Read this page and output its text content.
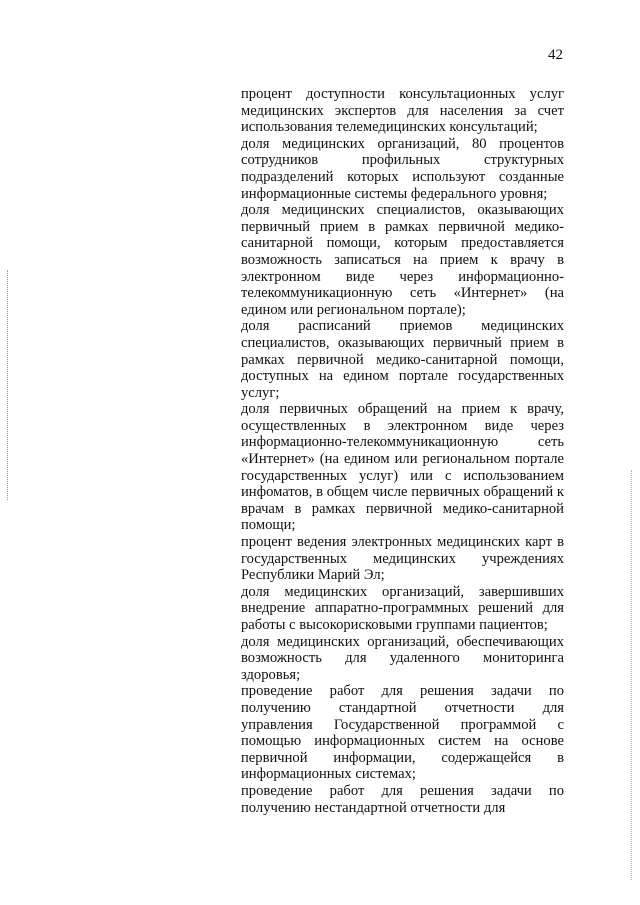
42

процент доступности консультационных услуг медицинских экспертов для населения за счет использования телемедицинских консультаций;

доля медицинских организаций, 80 процентов сотрудников профильных структурных подразделений которых используют созданные информационные системы федерального уровня;

доля медицинских специалистов, оказывающих первичный прием в рамках первичной медико-санитарной помощи, которым предоставляется возможность записаться на прием к врачу в электронном виде через информационно-телекоммуникационную сеть «Интернет» (на едином или региональном портале);

доля расписаний приемов медицинских специалистов, оказывающих первичный прием в рамках первичной медико-санитарной помощи, доступных на едином портале государственных услуг;

доля первичных обращений на прием к врачу, осуществленных в электронном виде через информационно-телекоммуникационную сеть «Интернет» (на едином или региональном портале государственных услуг) или с использованием инфоматов, в общем числе первичных обращений к врачам в рамках первичной медико-санитарной помощи;

процент ведения электронных медицинских карт в государственных медицинских учреждениях Республики Марий Эл;

доля медицинских организаций, завершивших внедрение аппаратно-программных решений для работы с высокорисковыми группами пациентов;

доля медицинских организаций, обеспечивающих возможность для удаленного мониторинга здоровья;

проведение работ для решения задачи по получению стандартной отчетности для управления Государственной программой с помощью информационных систем на основе первичной информации, содержащейся в информационных системах;

проведение работ для решения задачи по получению нестандартной отчетности для
